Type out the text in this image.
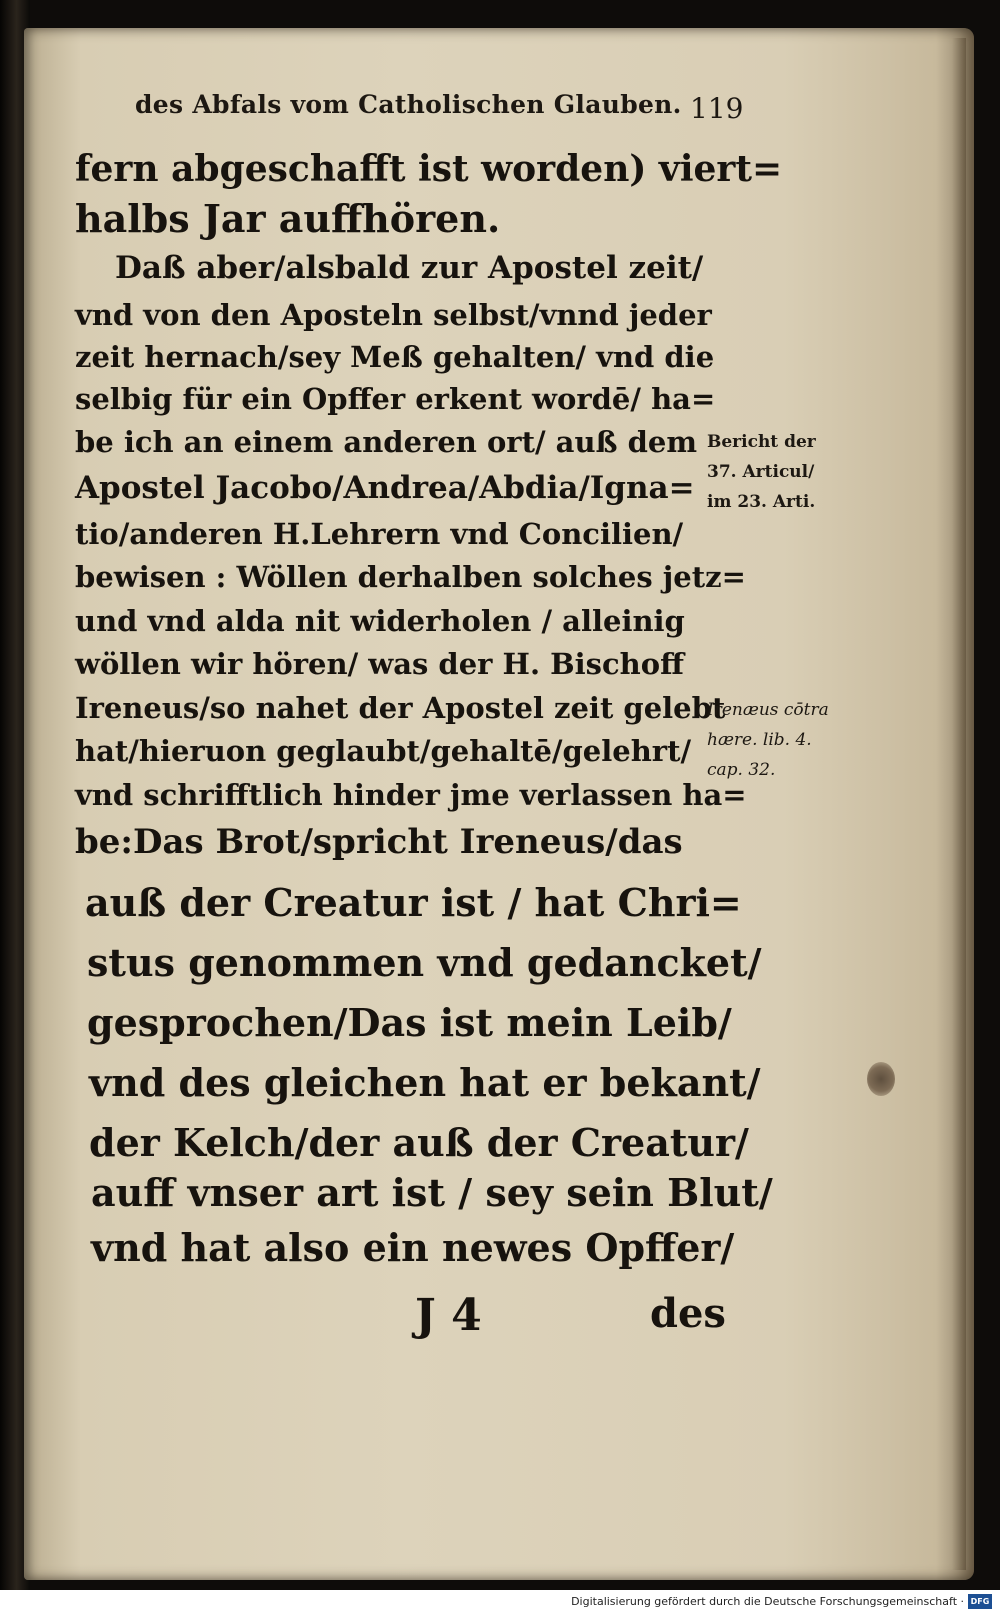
des Abfals vom Catholischen Glauben. 119
fern abgeschafft ist worden) viert=
halbs Jar auffhören.
Daß aber/alsbald zur Apostel zeit/
vnd von den Aposteln selbst/vnnd jeder
zeit hernach/sey Meß gehalten/ vnd die
selbig für ein Opffer erkent wordē/ ha=
be ich an einem anderen ort/ auß dem
Apostel Jacobo/Andrea/Abdia/Igna=
tio/anderen H.Lehrern vnd Concilien/
bewisen : Wöllen derhalben solches jetz=
und vnd alda nit widerholen / alleinig
wöllen wir hören/ was der H. Bischoff
Ireneus/so nahet der Apostel zeit gelebt
hat/hieruon geglaubt/gehaltē/gelehrt/
vnd schrifftlich hinder jme verlassen ha=
be:Das Brot/spricht Ireneus/das
auß der Creatur ist / hat Chri=
stus genommen vnd gedancket/
gesprochen/Das ist mein Leib/
vnd des gleichen hat er bekant/
der Kelch/der auß der Creatur/
auff vnser art ist / sey sein Blut/
vnd hat also ein newes Opffer/
Bericht der
37. Articul/
im 23. Arti.
Irenæus cōtra
hære. lib. 4.
cap. 32.
J 4	des
Digitalisierung gefördert durch die Deutsche Forschungsgemeinschaft · DFG
